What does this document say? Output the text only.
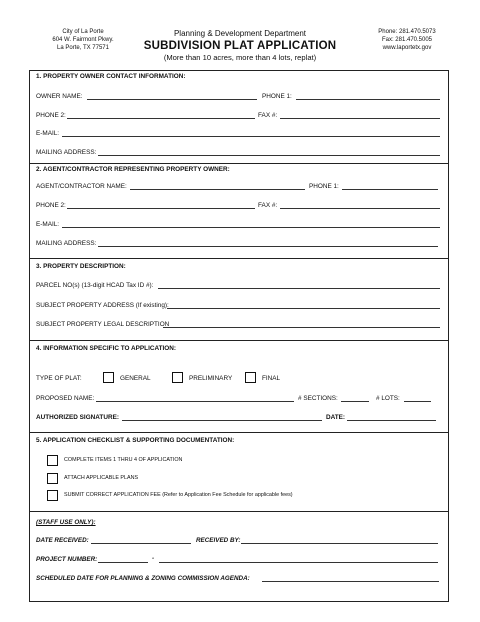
City of La Porte
604 W. Fairmont Pkwy.
La Porte, TX 77571
Planning & Development Department
SUBDIVISION PLAT APPLICATION
(More than 10 acres, more than 4 lots, replat)
Phone: 281.470.5073
Fax: 281.470.5005
www.laportetx.gov
1. PROPERTY OWNER CONTACT INFORMATION:
OWNER NAME:	PHONE 1:
PHONE 2:	FAX #:
E-MAIL:
MAILING ADDRESS:
2. AGENT/CONTRACTOR REPRESENTING PROPERTY OWNER:
AGENT/CONTRACTOR NAME:	PHONE 1:
PHONE 2:	FAX #:
E-MAIL:
MAILING ADDRESS:
3. PROPERTY DESCRIPTION:
PARCEL NO(s) (13-digit HCAD Tax ID #):
SUBJECT PROPERTY ADDRESS (If existing):
SUBJECT PROPERTY LEGAL DESCRIPTION
4. INFORMATION SPECIFIC TO APPLICATION:
TYPE OF PLAT:	GENERAL	PRELIMINARY	FINAL
PROPOSED NAME:	# SECTIONS:	# LOTS:
AUTHORIZED SIGNATURE:	DATE:
5. APPLICATION CHECKLIST & SUPPORTING DOCUMENTATION:
COMPLETE ITEMS 1 THRU 4 OF APPLICATION
ATTACH APPLICABLE PLANS
SUBMIT CORRECT APPLICATION FEE (Refer to Application Fee Schedule for applicable fees)
(STAFF USE ONLY):
DATE RECEIVED:	RECEIVED BY:
PROJECT NUMBER:	-
SCHEDULED DATE FOR PLANNING & ZONING COMMISSION AGENDA:
